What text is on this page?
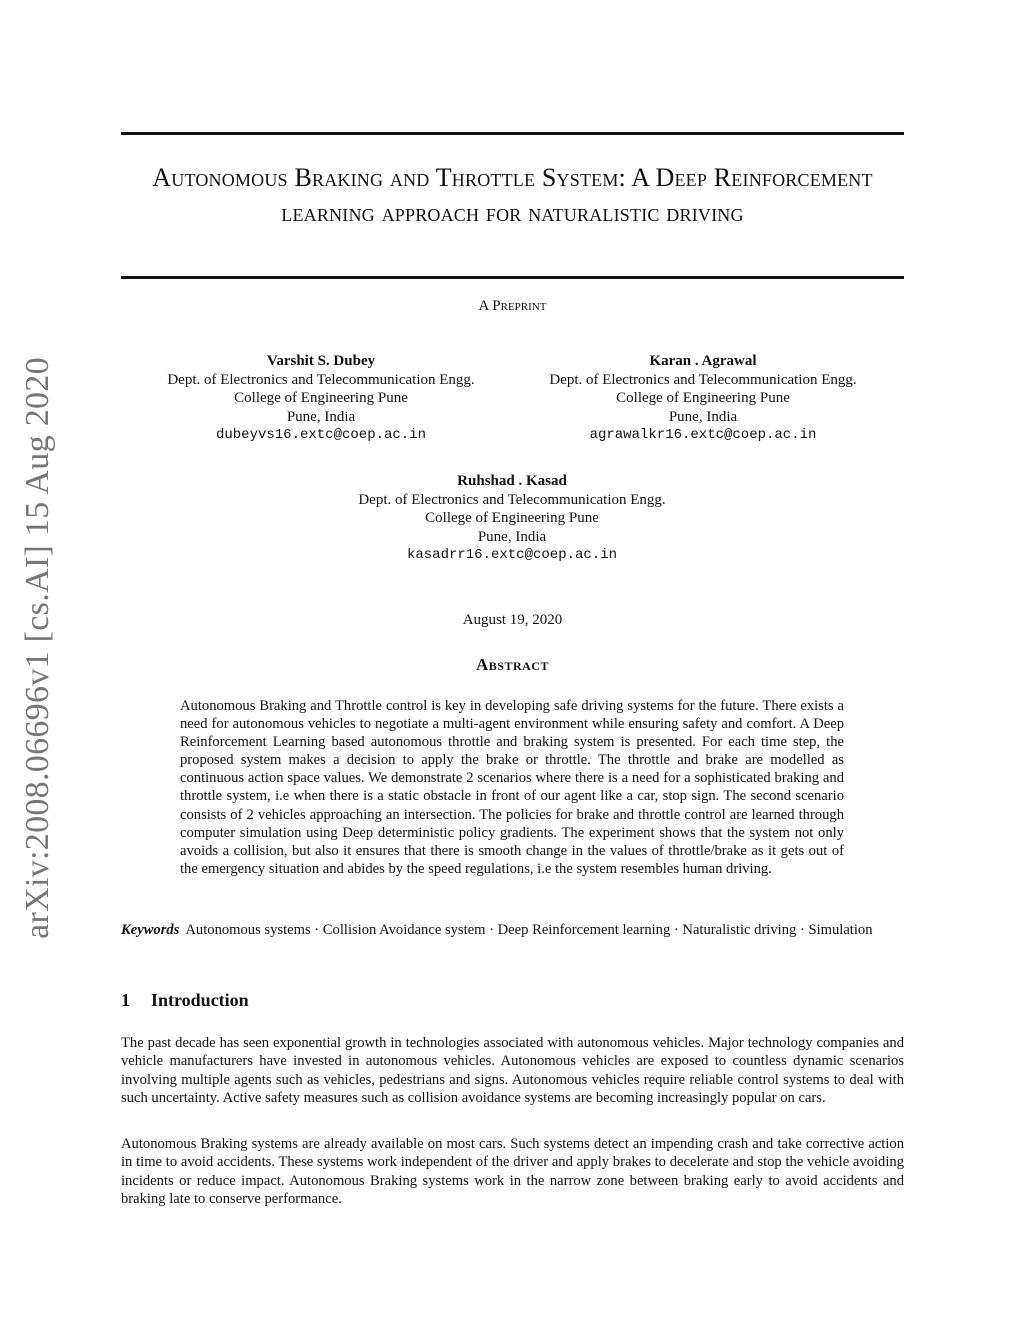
arXiv:2008.06696v1 [cs.AI] 15 Aug 2020
Autonomous Braking and Throttle System: A Deep Reinforcement learning approach for naturalistic driving
A Preprint
Varshit S. Dubey
Dept. of Electronics and Telecommunication Engg.
College of Engineering Pune
Pune, India
dubeyvs16.extc@coep.ac.in
Karan . Agrawal
Dept. of Electronics and Telecommunication Engg.
College of Engineering Pune
Pune, India
agrawalkr16.extc@coep.ac.in
Ruhshad . Kasad
Dept. of Electronics and Telecommunication Engg.
College of Engineering Pune
Pune, India
kasadrr16.extc@coep.ac.in
August 19, 2020
Abstract
Autonomous Braking and Throttle control is key in developing safe driving systems for the future. There exists a need for autonomous vehicles to negotiate a multi-agent environment while ensuring safety and comfort. A Deep Reinforcement Learning based autonomous throttle and braking system is presented. For each time step, the proposed system makes a decision to apply the brake or throttle. The throttle and brake are modelled as continuous action space values. We demonstrate 2 scenarios where there is a need for a sophisticated braking and throttle system, i.e when there is a static obstacle in front of our agent like a car, stop sign. The second scenario consists of 2 vehicles approaching an intersection. The policies for brake and throttle control are learned through computer simulation using Deep deterministic policy gradients. The experiment shows that the system not only avoids a collision, but also it ensures that there is smooth change in the values of throttle/brake as it gets out of the emergency situation and abides by the speed regulations, i.e the system resembles human driving.
Keywords Autonomous systems · Collision Avoidance system · Deep Reinforcement learning · Naturalistic driving · Simulation
1 Introduction
The past decade has seen exponential growth in technologies associated with autonomous vehicles. Major technology companies and vehicle manufacturers have invested in autonomous vehicles. Autonomous vehicles are exposed to countless dynamic scenarios involving multiple agents such as vehicles, pedestrians and signs. Autonomous vehicles require reliable control systems to deal with such uncertainty. Active safety measures such as collision avoidance systems are becoming increasingly popular on cars.
Autonomous Braking systems are already available on most cars. Such systems detect an impending crash and take corrective action in time to avoid accidents. These systems work independent of the driver and apply brakes to decelerate and stop the vehicle avoiding incidents or reduce impact. Autonomous Braking systems work in the narrow zone between braking early to avoid accidents and braking late to conserve performance.
